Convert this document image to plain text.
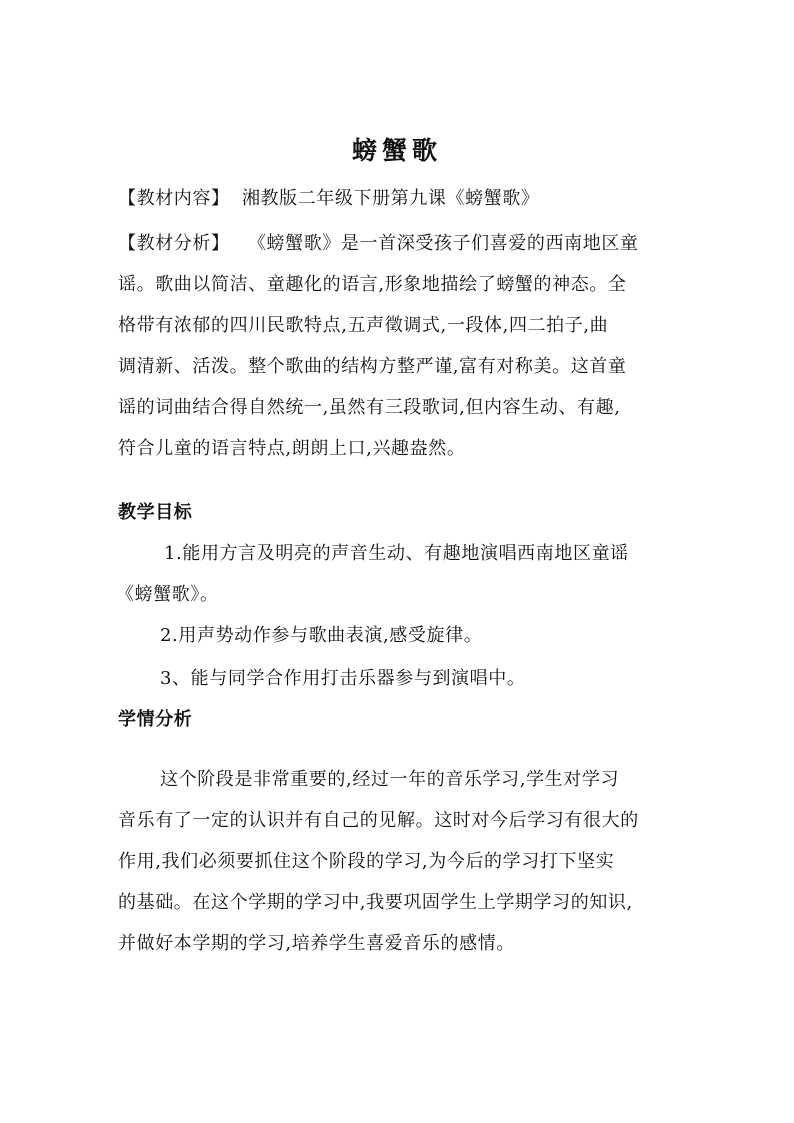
螃蟹歌
【教材内容】 湘教版二年级下册第九课《螃蟹歌》
【教材分析】 《螃蟹歌》是一首深受孩子们喜爱的西南地区童
谣。歌曲以简洁、童趣化的语言,形象地描绘了螃蟹的神态。全
格带有浓郁的四川民歌特点,五声徵调式,一段体,四二拍子,曲
调清新、活泼。整个歌曲的结构方整严谨,富有对称美。这首童
谣的词曲结合得自然统一,虽然有三段歌词,但内容生动、有趣,
符合儿童的语言特点,朗朗上口,兴趣盎然。
教学目标
1.能用方言及明亮的声音生动、有趣地演唱西南地区童谣
《螃蟹歌》。
2.用声势动作参与歌曲表演,感受旋律。
3、能与同学合作用打击乐器参与到演唱中。
学情分析
这个阶段是非常重要的,经过一年的音乐学习,学生对学习
音乐有了一定的认识并有自己的见解。这时对今后学习有很大的
作用,我们必须要抓住这个阶段的学习,为今后的学习打下坚实
的基础。在这个学期的学习中,我要巩固学生上学期学习的知识,
并做好本学期的学习,培养学生喜爱音乐的感情。
